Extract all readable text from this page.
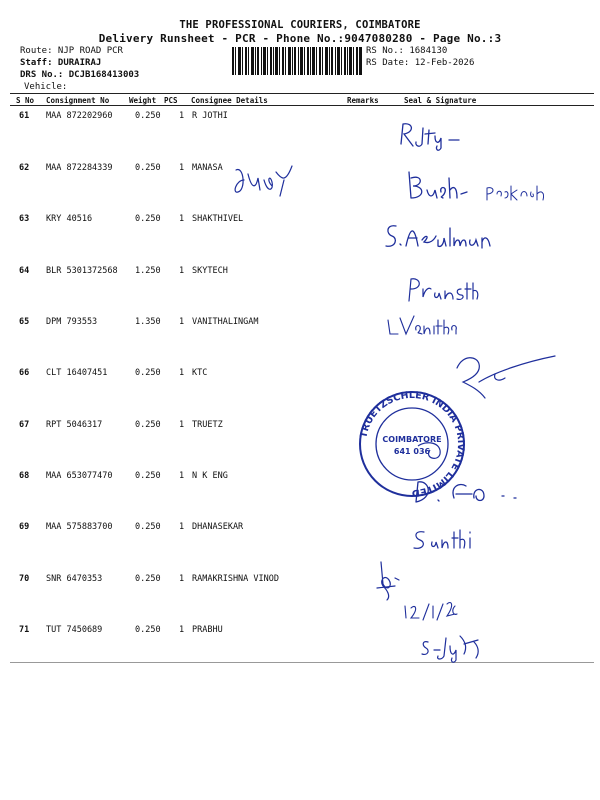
THE PROFESSIONAL COURIERS, COIMBATORE
Delivery Runsheet - PCR - Phone No.:9047080280 - Page No.:3
Route: NJP ROAD PCR
Staff: DURAIRAJ
DRS No.: DCJB168413003
Vehicle:
RS No.: 1684130
RS Date: 12-Feb-2026
S No Consignment No	Weight PCS Consignee Details	Remarks	Seal & Signature
61 MAA 872202960	0.250 1 R JOTHI
62 MAA 872284339	0.250 1 MANASA
63 KRY 40516	0.250 1 SHAKTHIVEL
64 BLR 5301372568 1.250 1 SKYTECH
65 DPM 793553	1.350 1 VANITHALINGAM
66 CLT 16407451	0.250 1 KTC
67 RPT 5046317	0.250 1 TRUETZ
68 MAA 653077470	0.250 1 N K ENG
69 MAA 575883700	0.250 1 DHANASEKAR
70 SNR 6470353	0.250 1 RAMAKRISHNA VINOD
71 TUT 7450689	0.250 1 PRABHU
TRUETZSCHLER INDIA PRIVATE LIMITED
COIMBATORE
641 036
